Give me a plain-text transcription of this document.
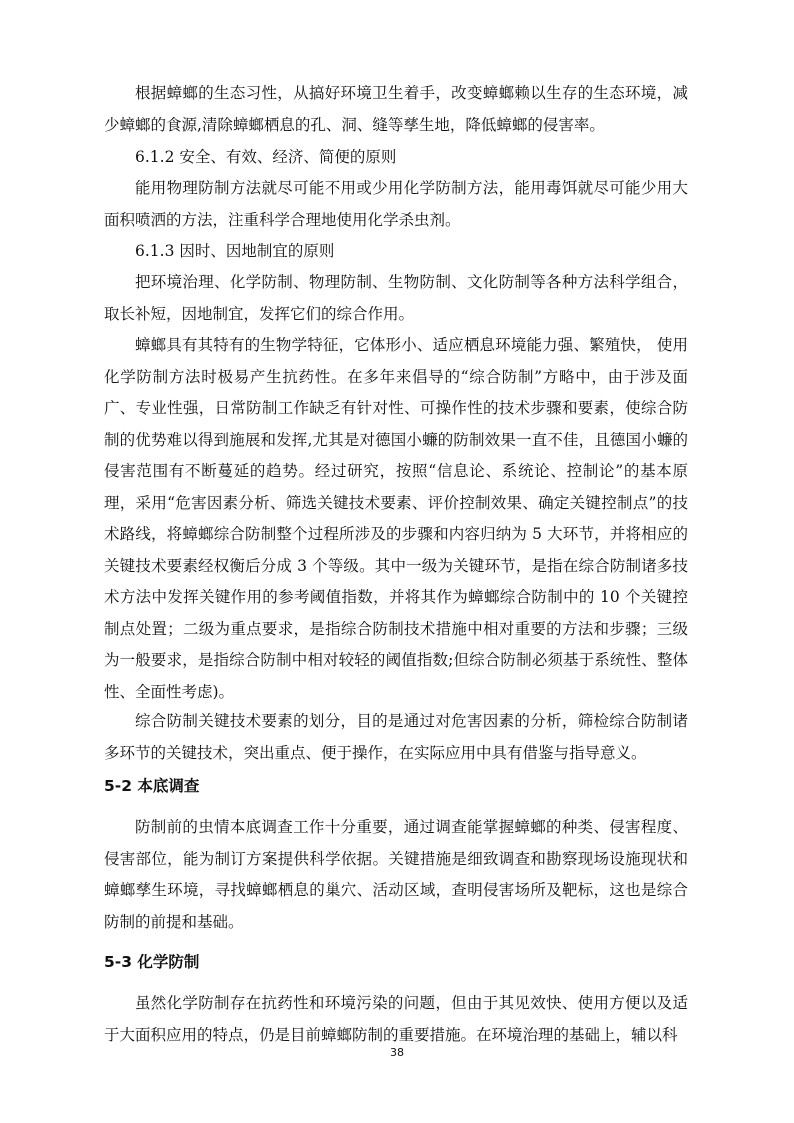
根据蟑螂的生态习性，从搞好环境卫生着手，改变蟑螂赖以生存的生态环境，减少蟑螂的食源,清除蟑螂栖息的孔、洞、缝等孳生地，降低蟑螂的侵害率。

6.1.2 安全、有效、经济、简便的原则

能用物理防制方法就尽可能不用或少用化学防制方法，能用毒饵就尽可能少用大面积喷洒的方法，注重科学合理地使用化学杀虫剂。

6.1.3 因时、因地制宜的原则

把环境治理、化学防制、物理防制、生物防制、文化防制等各种方法科学组合，取长补短，因地制宜，发挥它们的综合作用。

蟑螂具有其特有的生物学特征，它体形小、适应栖息环境能力强、繁殖快， 使用化学防制方法时极易产生抗药性。在多年来倡导的“综合防制”方略中，由于涉及面广、专业性强，日常防制工作缺乏有针对性、可操作性的技术步骤和要素，使综合防制的优势难以得到施展和发挥,尤其是对德国小蠊的防制效果一直不佳，且德国小蠊的侵害范围有不断蔓延的趋势。经过研究，按照“信息论、系统论、控制论”的基本原理，采用“危害因素分析、筛选关键技术要素、评价控制效果、确定关键控制点”的技术路线，将蟑螂综合防制整个过程所涉及的步骤和内容归纳为 5 大环节，并将相应的关键技术要素经权衡后分成 3 个等级。其中一级为关键环节，是指在综合防制诸多技术方法中发挥关键作用的参考阈值指数，并将其作为蟑螂综合防制中的 10 个关键控制点处置；二级为重点要求，是指综合防制技术措施中相对重要的方法和步骤；三级为一般要求，是指综合防制中相对较轻的阈值指数;但综合防制必须基于系统性、整体性、全面性考虑)。

综合防制关键技术要素的划分，目的是通过对危害因素的分析，筛检综合防制诸多环节的关键技术，突出重点、便于操作，在实际应用中具有借鉴与指导意义。

5-2 本底调查

防制前的虫情本底调查工作十分重要，通过调查能掌握蟑螂的种类、侵害程度、侵害部位，能为制订方案提供科学依据。关键措施是细致调查和勘察现场设施现状和蟑螂孳生环境，寻找蟑螂栖息的巢穴、活动区域，查明侵害场所及靶标，这也是综合防制的前提和基础。

5-3 化学防制

虽然化学防制存在抗药性和环境污染的问题，但由于其见效快、使用方便以及适于大面积应用的特点，仍是目前蟑螂防制的重要措施。在环境治理的基础上，辅以科

38
